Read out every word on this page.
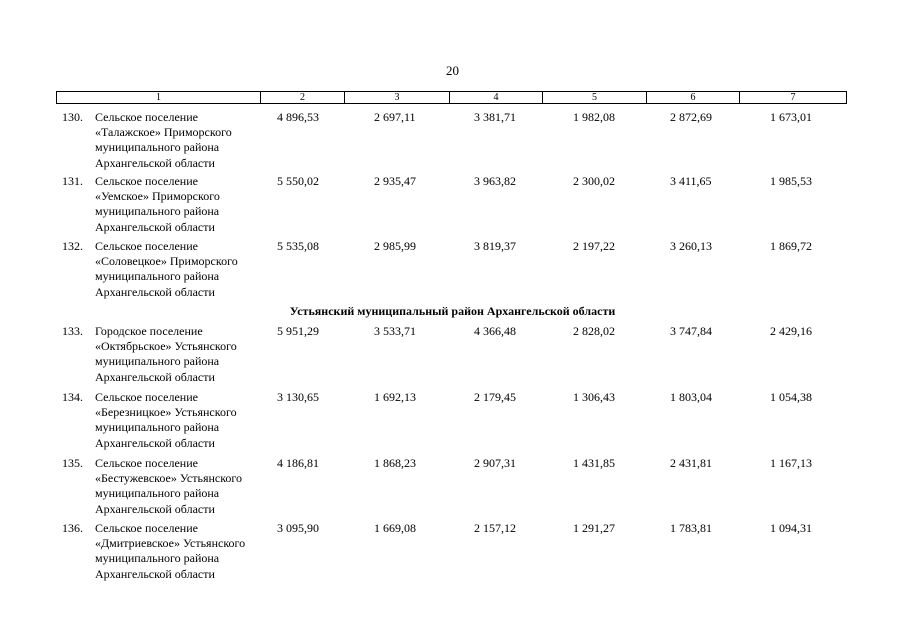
20
1	2	3	4	5	6	7
130. Сельское поселение
«Талажское» Приморского
муниципального района
Архангельской области
4 896,53	2 697,11	3 381,71	1 982,08	2 872,69	1 673,01
131. Сельское поселение
«Уемское» Приморского
муниципального района
Архангельской области
5 550,02	2 935,47	3 963,82	2 300,02	3 411,65	1 985,53
132. Сельское поселение
«Соловецкое» Приморского
муниципального района
Архангельской области
5 535,08	2 985,99	3 819,37	2 197,22	3 260,13	1 869,72
Устьянский муниципальный район Архангельской области
133. Городское поселение
«Октябрьское» Устьянского
муниципального района
Архангельской области
5 951,29	3 533,71	4 366,48	2 828,02	3 747,84	2 429,16
134. Сельское поселение
«Березницкое» Устьянского
муниципального района
Архангельской области
3 130,65	1 692,13	2 179,45	1 306,43	1 803,04	1 054,38
135. Сельское поселение
«Бестужевское» Устьянского
муниципального района
Архангельской области
4 186,81	1 868,23	2 907,31	1 431,85	2 431,81	1 167,13
136. Сельское поселение
«Дмитриевское» Устьянского
муниципального района
Архангельской области
3 095,90	1 669,08	2 157,12	1 291,27	1 783,81	1 094,31
